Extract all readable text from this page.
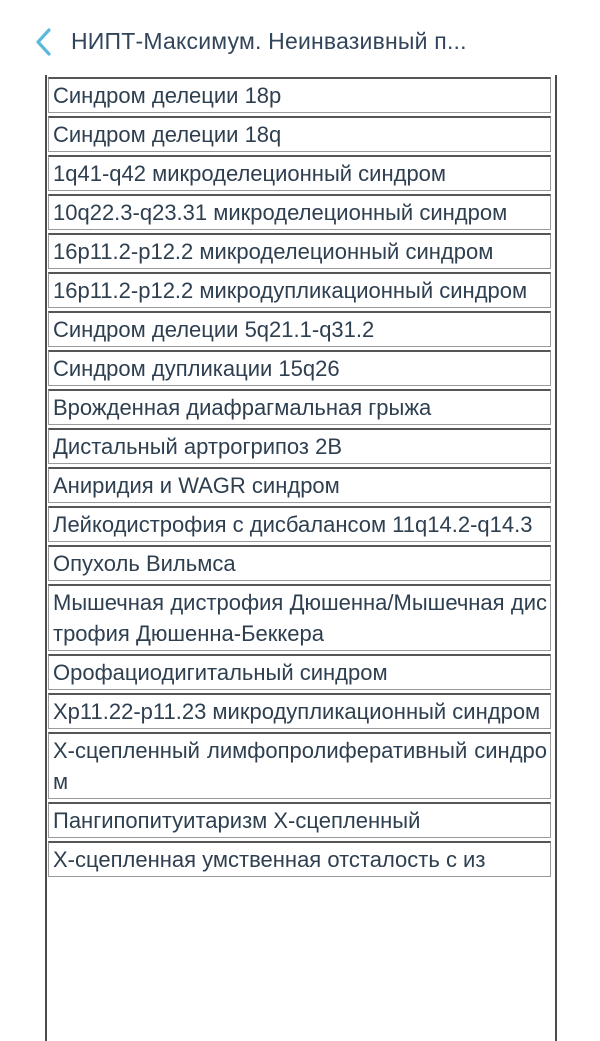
НИПТ-Максимум. Неинвазивный п...
Синдром делеции 18p
Синдром делеции 18q
1q41-q42 микроделеционный синдром
10q22.3-q23.31 микроделеционный синдром
16p11.2-p12.2 микроделеционный синдром
16p11.2-p12.2 микродупликационный синдром
Синдром делеции 5q21.1-q31.2
Синдром дупликации 15q26
Врожденная диафрагмальная грыжа
Дистальный артрогрипоз 2B
Аниридия и WAGR синдром
Лейкодистрофия с дисбалансом 11q14.2-q14.3
Опухоль Вильмса
Мышечная дистрофия Дюшенна/Мышечная дистрофия Дюшенна-Беккера
Орофациодигитальный синдром
Xp11.22-p11.23 микродупликационный синдром
Х-сцепленный лимфопролиферативный синдром
Пангипопитуитаризм Х-сцепленный
Х-сцепленная умственная отсталость с из
